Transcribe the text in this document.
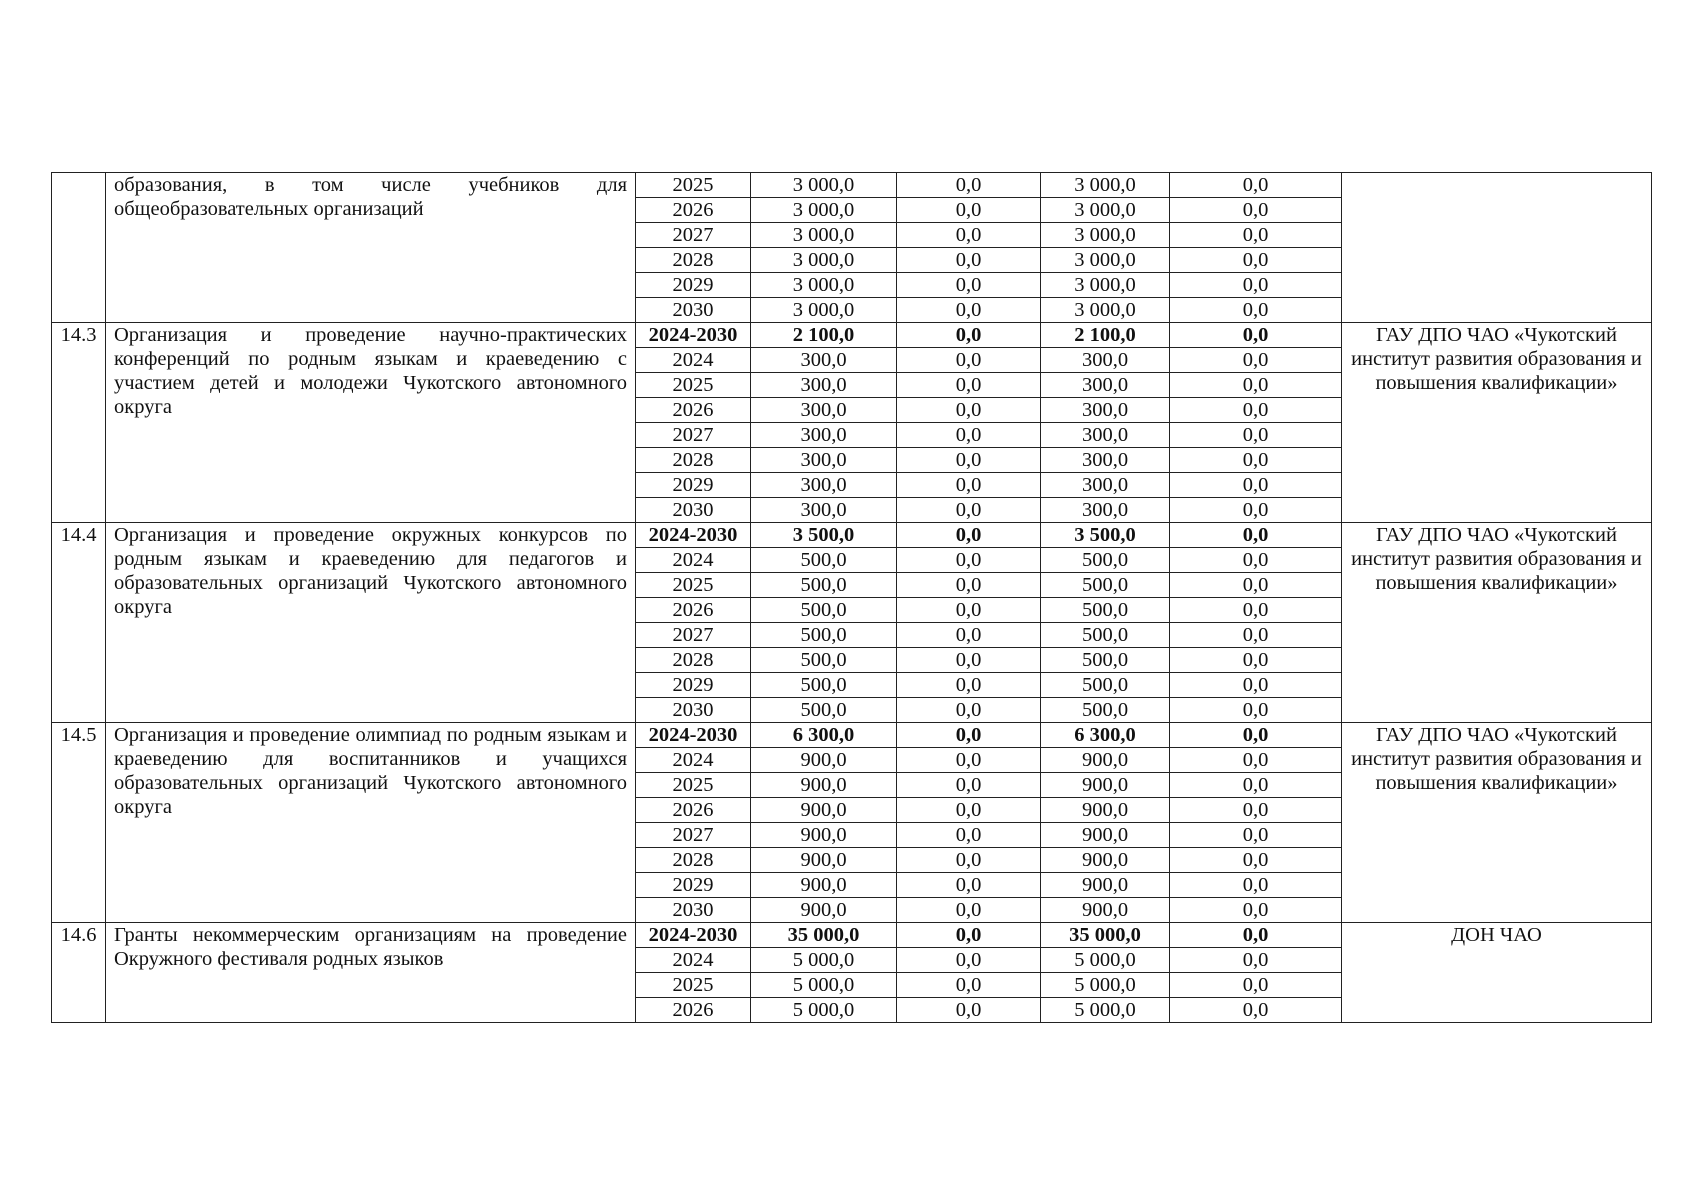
	образования, в том числе учебников для общеобразовательных организаций	2025	3 000,0	0,0	3 000,0	0,0	
		2026	3 000,0	0,0	3 000,0	0,0	
		2027	3 000,0	0,0	3 000,0	0,0	
		2028	3 000,0	0,0	3 000,0	0,0	
		2029	3 000,0	0,0	3 000,0	0,0	
		2030	3 000,0	0,0	3 000,0	0,0	
14.3	Организация и проведение научно-практических конференций по родным языкам и краеведению с участием детей и молодежи Чукотского автономного округа	2024-2030	2 100,0	0,0	2 100,0	0,0	ГАУ ДПО ЧАО «Чукотский институт развития образования и повышения квалификации»
		2024	300,0	0,0	300,0	0,0	
		2025	300,0	0,0	300,0	0,0	
		2026	300,0	0,0	300,0	0,0	
		2027	300,0	0,0	300,0	0,0	
		2028	300,0	0,0	300,0	0,0	
		2029	300,0	0,0	300,0	0,0	
		2030	300,0	0,0	300,0	0,0	
14.4	Организация и проведение окружных конкурсов по родным языкам и краеведению для педагогов и образовательных организаций Чукотского автономного округа	2024-2030	3 500,0	0,0	3 500,0	0,0	ГАУ ДПО ЧАО «Чукотский институт развития образования и повышения квалификации»
		2024	500,0	0,0	500,0	0,0	
		2025	500,0	0,0	500,0	0,0	
		2026	500,0	0,0	500,0	0,0	
		2027	500,0	0,0	500,0	0,0	
		2028	500,0	0,0	500,0	0,0	
		2029	500,0	0,0	500,0	0,0	
		2030	500,0	0,0	500,0	0,0	
14.5	Организация и проведение олимпиад по родным языкам и краеведению для воспитанников и учащихся образовательных организаций Чукотского автономного округа	2024-2030	6 300,0	0,0	6 300,0	0,0	ГАУ ДПО ЧАО «Чукотский институт развития образования и повышения квалификации»
		2024	900,0	0,0	900,0	0,0	
		2025	900,0	0,0	900,0	0,0	
		2026	900,0	0,0	900,0	0,0	
		2027	900,0	0,0	900,0	0,0	
		2028	900,0	0,0	900,0	0,0	
		2029	900,0	0,0	900,0	0,0	
		2030	900,0	0,0	900,0	0,0	
14.6	Гранты некоммерческим организациям на проведение Окружного фестиваля родных языков	2024-2030	35 000,0	0,0	35 000,0	0,0	ДОН ЧАО
		2024	5 000,0	0,0	5 000,0	0,0	
		2025	5 000,0	0,0	5 000,0	0,0	
		2026	5 000,0	0,0	5 000,0	0,0	
